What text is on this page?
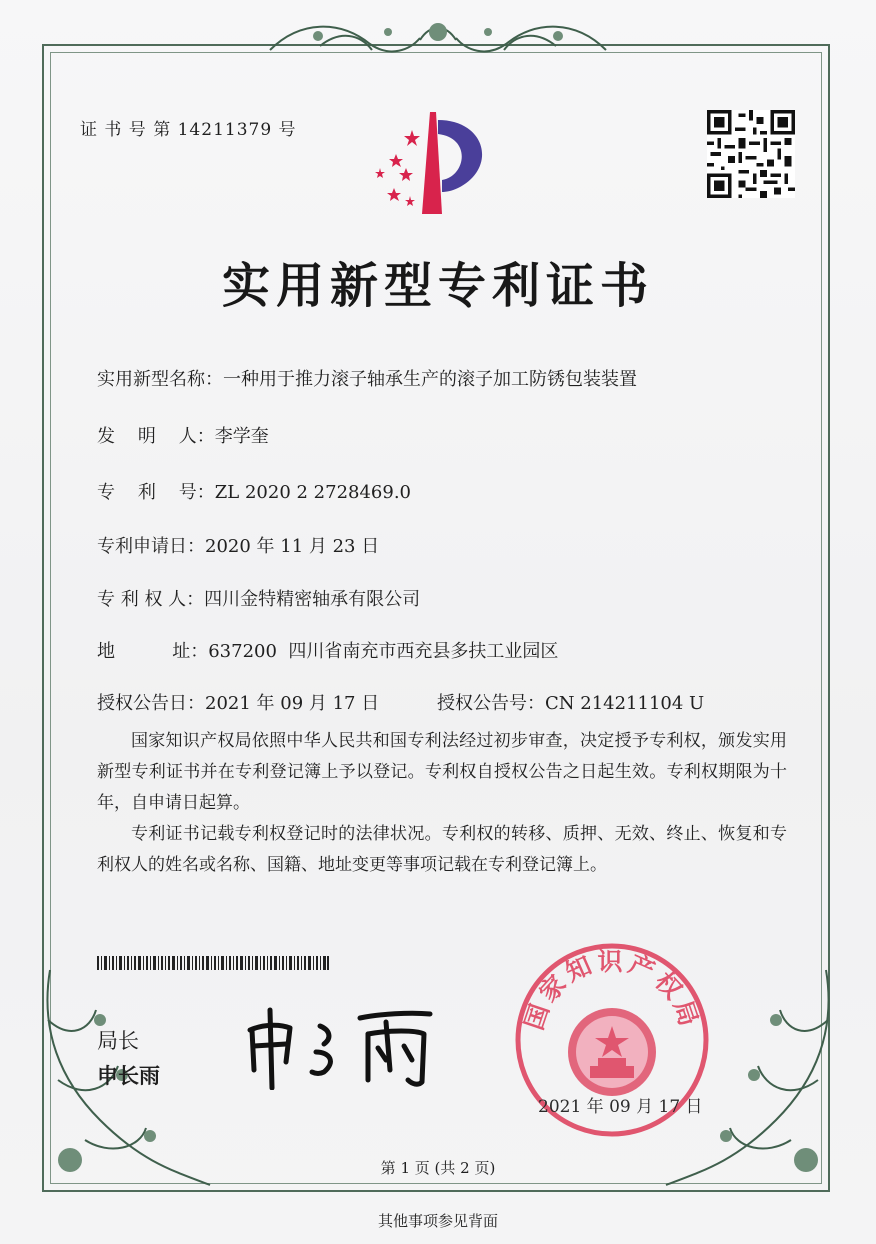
证 书 号 第 14211379 号
实用新型专利证书
实用新型名称：一种用于推力滚子轴承生产的滚子加工防锈包装装置
发    明    人：李学奎
专    利    号：ZL 2020 2 2728469.0
专利申请日：2020 年 11 月 23 日
专 利 权 人：四川金特精密轴承有限公司
地          址：637200  四川省南充市西充县多扶工业园区
授权公告日：2021 年 09 月 17 日	授权公告号：CN 214211104 U

国家知识产权局依照中华人民共和国专利法经过初步审查，决定授予专利权，颁发实用新型专利证书并在专利登记簿上予以登记。专利权自授权公告之日起生效。专利权期限为十年，自申请日起算。

专利证书记载专利权登记时的法律状况。专利权的转移、质押、无效、终止、恢复和专利权人的姓名或名称、国籍、地址变更等事项记载在专利登记簿上。

局长
申长雨
国家知识产权局
2021 年 09 月 17 日
第 1 页 (共 2 页)
其他事项参见背面
